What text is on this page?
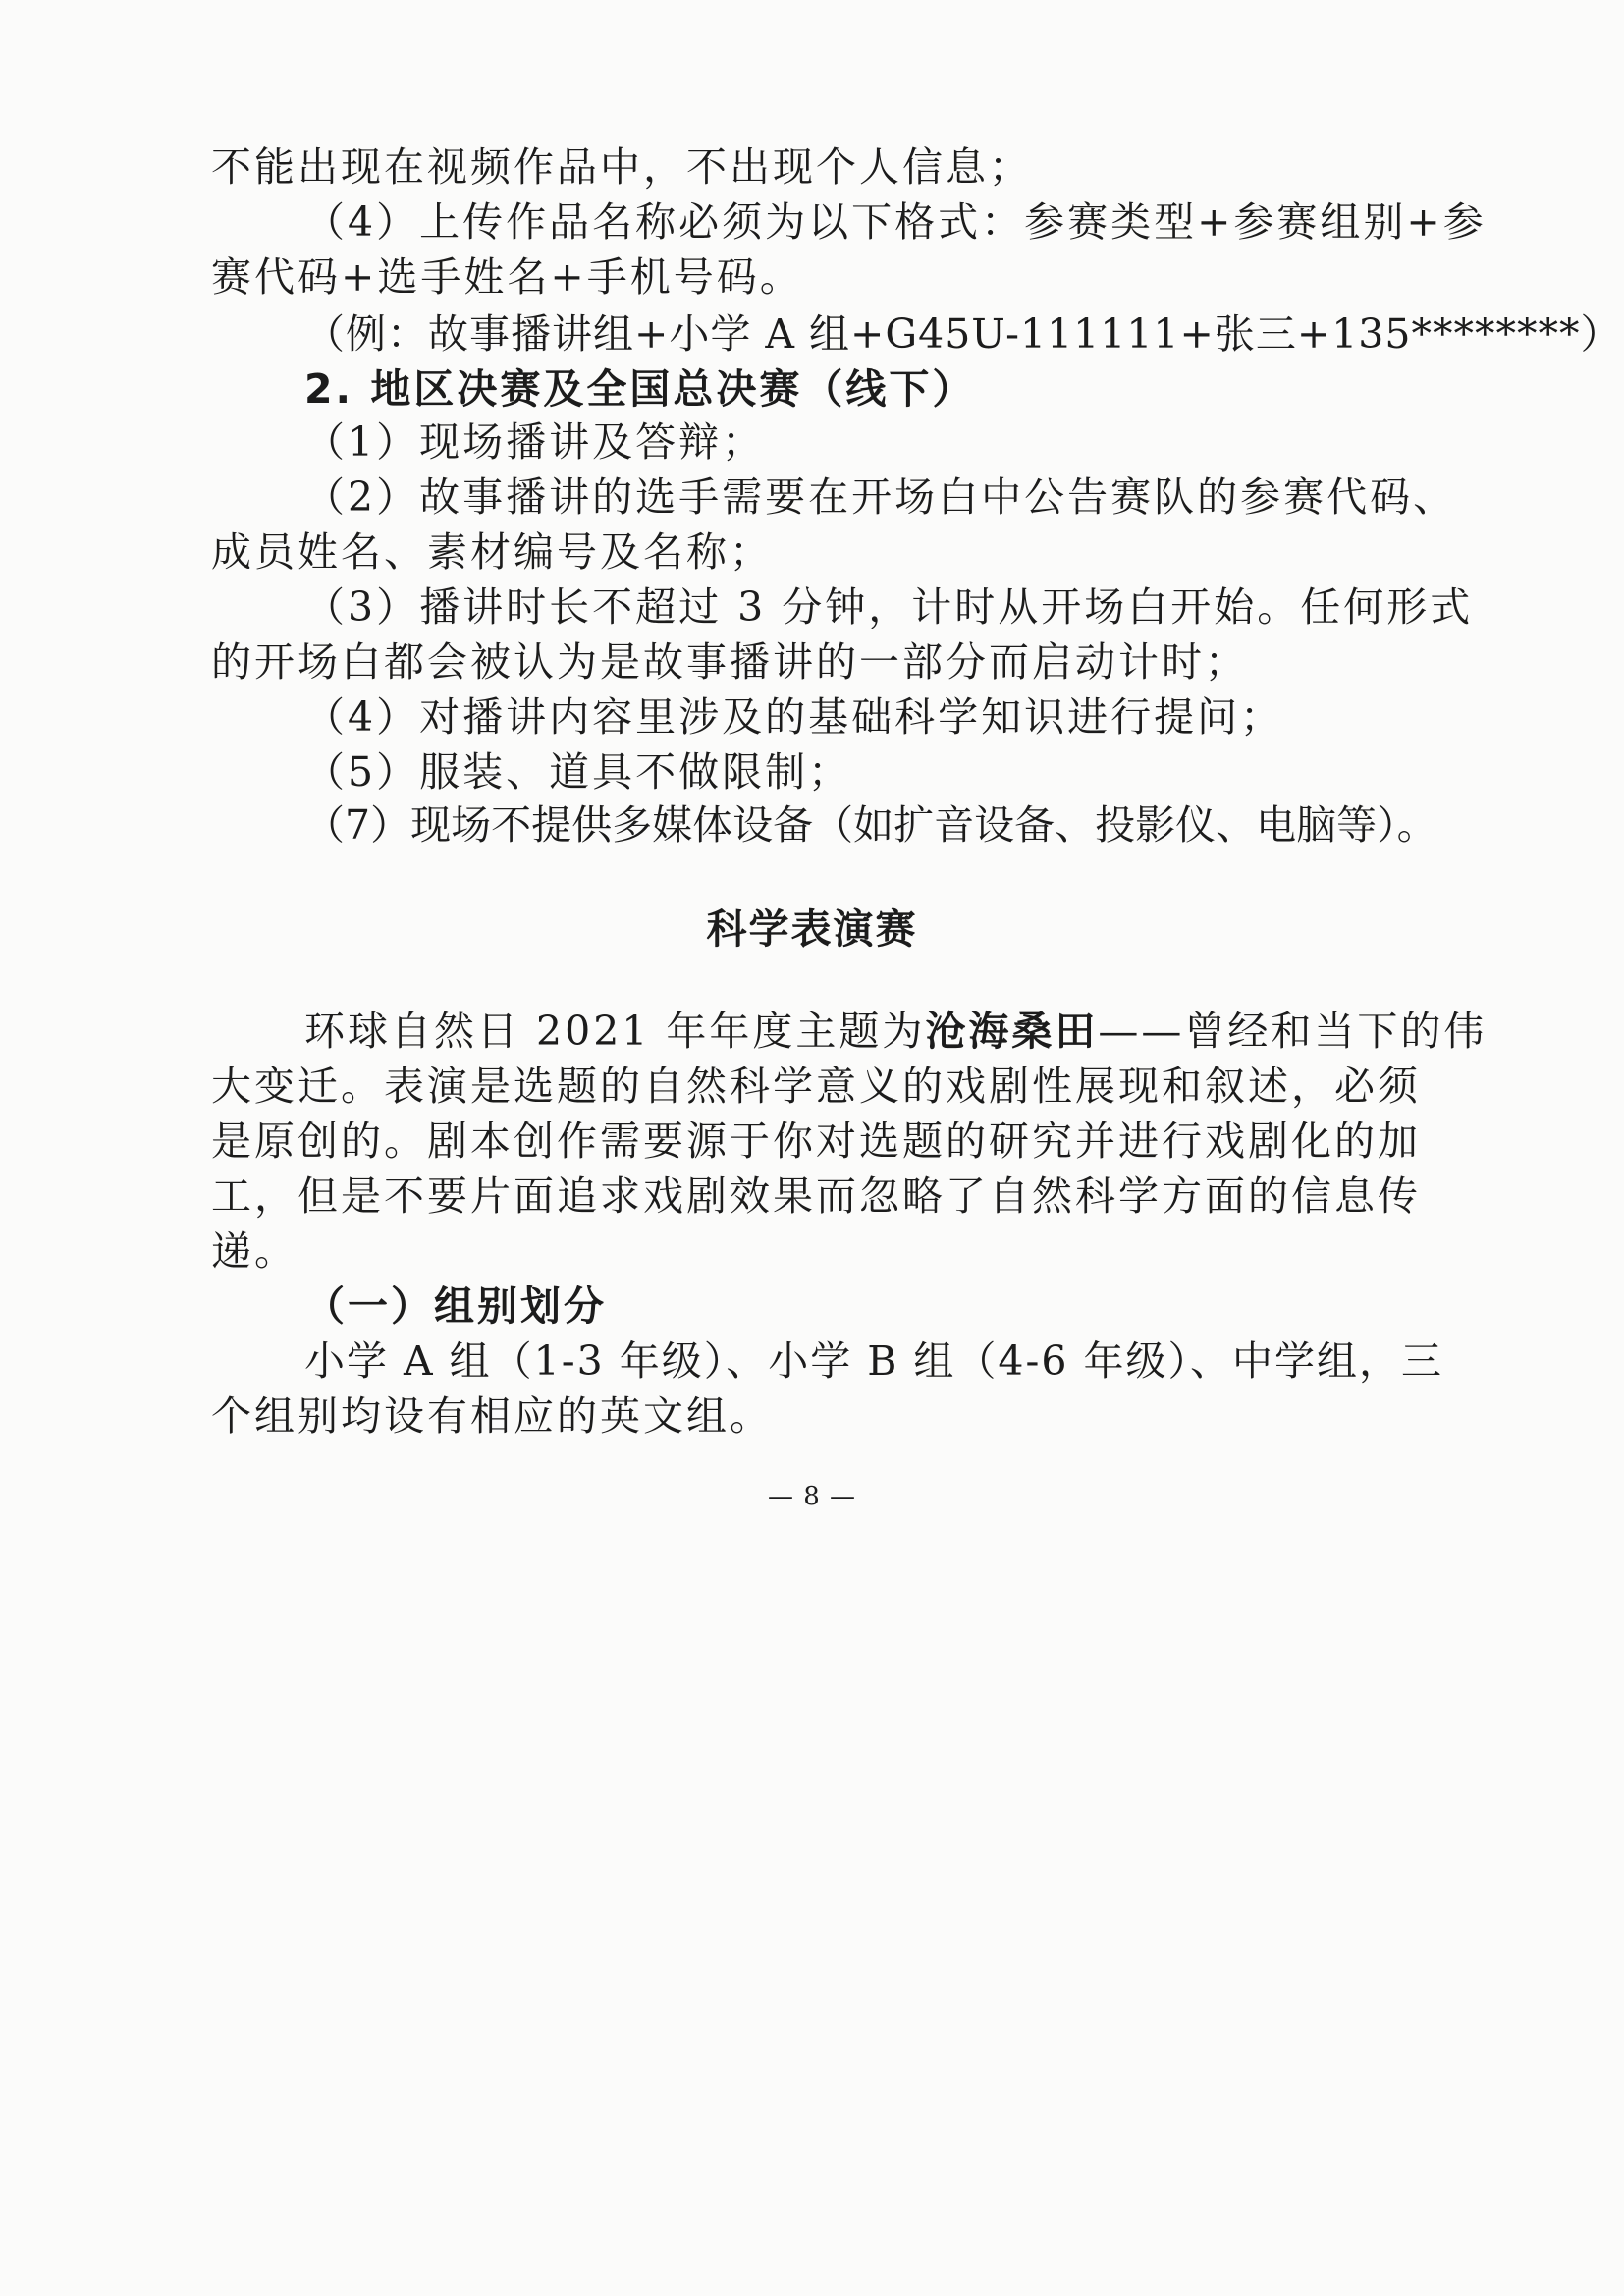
不能出现在视频作品中，不出现个人信息；
（4）上传作品名称必须为以下格式：参赛类型+参赛组别+参
赛代码+选手姓名+手机号码。
（例：故事播讲组+小学 A 组+G45U-111111+张三+135********）
2. 地区决赛及全国总决赛（线下）
（1）现场播讲及答辩；
（2）故事播讲的选手需要在开场白中公告赛队的参赛代码、
成员姓名、素材编号及名称；
（3）播讲时长不超过 3 分钟，计时从开场白开始。任何形式
的开场白都会被认为是故事播讲的一部分而启动计时；
（4）对播讲内容里涉及的基础科学知识进行提问；
（5）服装、道具不做限制；
（7）现场不提供多媒体设备（如扩音设备、投影仪、电脑等）。
科学表演赛
环球自然日 2021 年年度主题为沧海桑田——曾经和当下的伟
大变迁。表演是选题的自然科学意义的戏剧性展现和叙述，必须
是原创的。剧本创作需要源于你对选题的研究并进行戏剧化的加
工，但是不要片面追求戏剧效果而忽略了自然科学方面的信息传
递。
（一）组别划分
小学 A 组（1-3 年级）、小学 B 组（4-6 年级）、中学组，三
个组别均设有相应的英文组。
— 8 —
